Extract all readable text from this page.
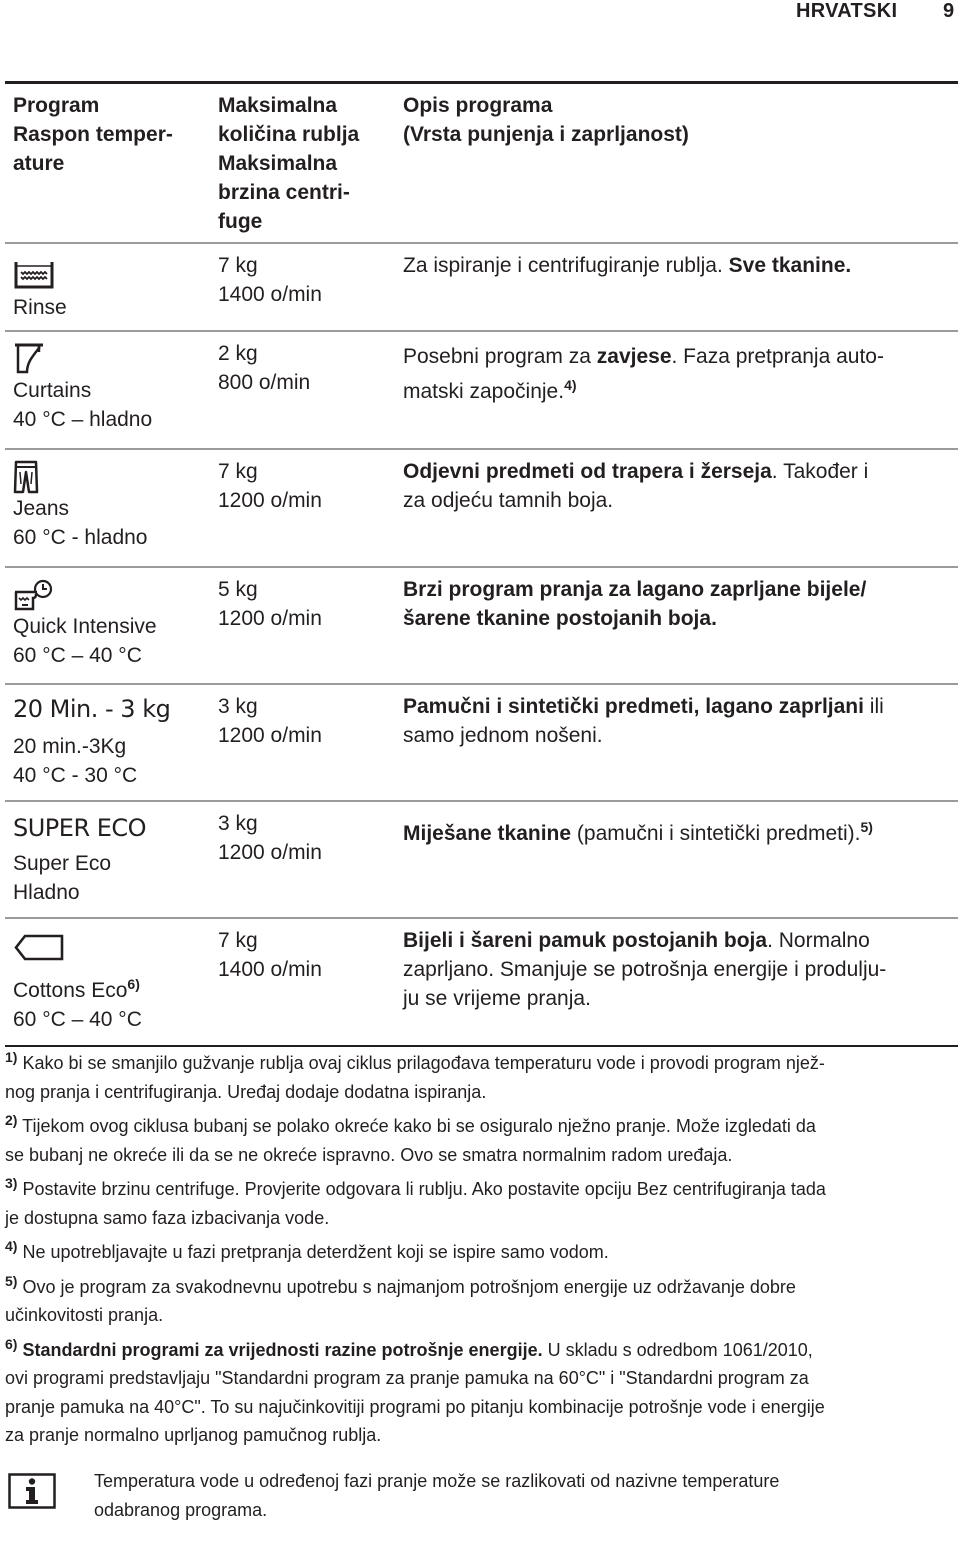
HRVATSKI 9
Program
Raspon temper-
ature
Maksimalna
količina rublja
Maksimalna
brzina centri-
fuge
Opis programa
(Vrsta punjenja i zaprljanost)
Rinse
7 kg
1400 o/min
Za ispiranje i centrifugiranje rublja. Sve tkanine.
Curtains
40 °C – hladno
2 kg
800 o/min
Posebni program za zavjese. Faza pretpranja auto-
matski započinje.$^{4)}$
Jeans
60 °C - hladno
7 kg
1200 o/min
Odjevni predmeti od trapera i žerseja. Također i
za odjeću tamnih boja.
Quick Intensive
60 °C – 40 °C
5 kg
1200 o/min
Brzi program pranja za lagano zaprljane bijele/
šarene tkanine postojanih boja.
20 Min. - 3 kg
20 min.-3Kg
40 °C - 30 °C
3 kg
1200 o/min
Pamučni i sintetički predmeti, lagano zaprljani ili
samo jednom nošeni.
SUPER ECO
Super Eco
Hladno
3 kg
1200 o/min
Miješane tkanine (pamučni i sintetički predmeti).$^{5)}$
Cottons Eco$^{6)}$
60 °C – 40 °C
7 kg
1400 o/min
Bijeli i šareni pamuk postojanih boja. Normalno
zaprljano. Smanjuje se potrošnja energije i produlju-
ju se vrijeme pranja.
$^{1)}$ Kako bi se smanjilo gužvanje rublja ovaj ciklus prilagođava temperaturu vode i provodi program njež-
nog pranja i centrifugiranja. Uređaj dodaje dodatna ispiranja.
$^{2)}$ Tijekom ovog ciklusa bubanj se polako okreće kako bi se osiguralo nježno pranje. Može izgledati da
se bubanj ne okreće ili da se ne okreće ispravno. Ovo se smatra normalnim radom uređaja.
$^{3)}$ Postavite brzinu centrifuge. Provjerite odgovara li rublju. Ako postavite opciju Bez centrifugiranja tada
je dostupna samo faza izbacivanja vode.
$^{4)}$ Ne upotrebljavajte u fazi pretpranja deterdžent koji se ispire samo vodom.
$^{5)}$ Ovo je program za svakodnevnu upotrebu s najmanjom potrošnjom energije uz održavanje dobre
učinkovitosti pranja.
$^{6)}$ Standardni programi za vrijednosti razine potrošnje energije. U skladu s odredbom 1061/2010,
ovi programi predstavljaju "Standardni program za pranje pamuka na 60°C" i "Standardni program za
pranje pamuka na 40°C". To su najučinkovitiji programi po pitanju kombinacije potrošnje vode i energije
za pranje normalno uprljanog pamučnog rublja.
Temperatura vode u određenoj fazi pranje može se razlikovati od nazivne temperature
odabranog programa.
